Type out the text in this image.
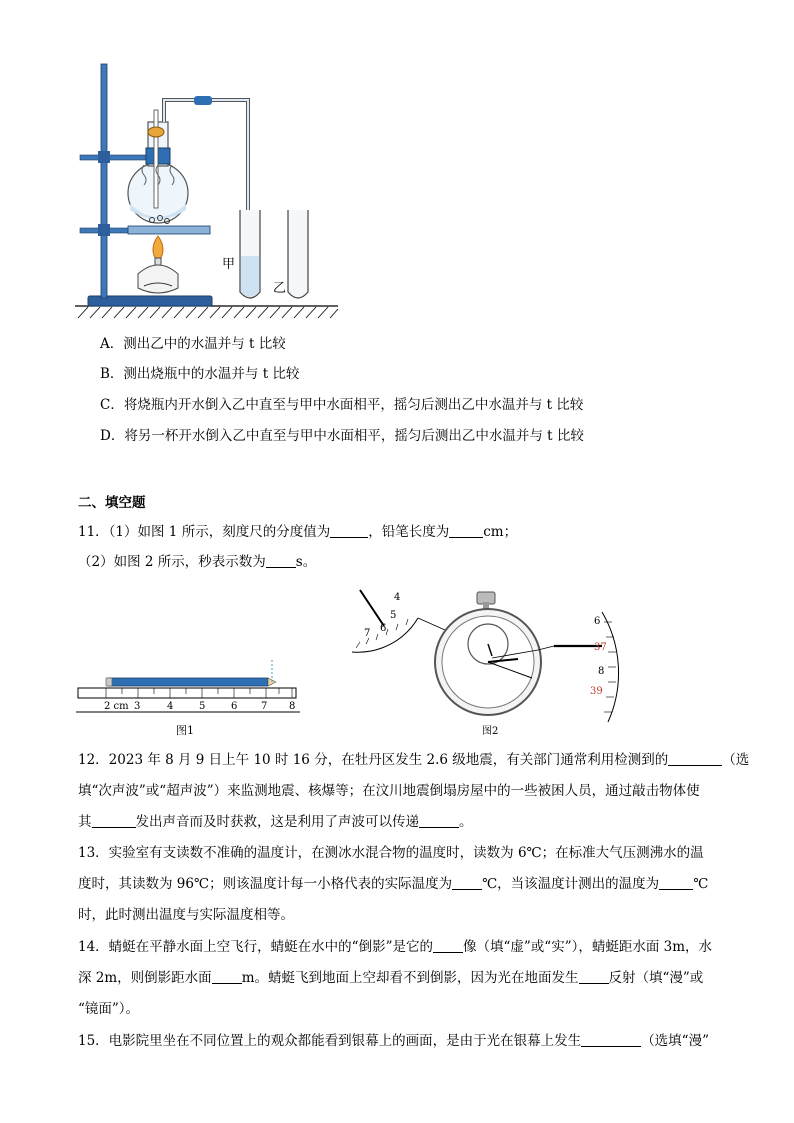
甲
乙
A．测出乙中的水温并与 t 比较
B．测出烧瓶中的水温并与 t 比较
C．将烧瓶内开水倒入乙中直至与甲中水面相平，摇匀后测出乙中水温并与 t 比较
D．将另一杯开水倒入乙中直至与甲中水面相平，摇匀后测出乙中水温并与 t 比较
二、填空题
11．（1）如图 1 所示，刻度尺的分度值为	，铅笔长度为	cm；
（2）如图 2 所示，秒表示数为 s。
2 cm 3	4	5	6 7 8
图1
4
5
6
7
6
37
8
39
图2
12．2023 年 8 月 9 日上午 10 时 16 分，在牡丹区发生 2.6 级地震，有关部门通常利用检测到的	（选
填“次声波”或“超声波”）来监测地震、核爆等；在汶川地震倒塌房屋中的一些被困人员，通过敲击物体使
其	发出声音而及时获救，这是利用了声波可以传递	。
13．实验室有支读数不准确的温度计，在测冰水混合物的温度时，读数为 6℃；在标准大气压测沸水的温
度时，其读数为 96℃；则该温度计每一小格代表的实际温度为 ℃，当该温度计测出的温度为	℃
时，此时测出温度与实际温度相等。
14．蜻蜓在平静水面上空飞行，蜻蜓在水中的“倒影”是它的 像（填“虚”或“实”），蜻蜓距水面 3m，水
深 2m，则倒影距水面 m。蜻蜓飞到地面上空却看不到倒影，因为光在地面发生 反射（填“漫”或
“镜面”）。
15．电影院里坐在不同位置上的观众都能看到银幕上的画面，是由于光在银幕上发生	（选填“漫”
